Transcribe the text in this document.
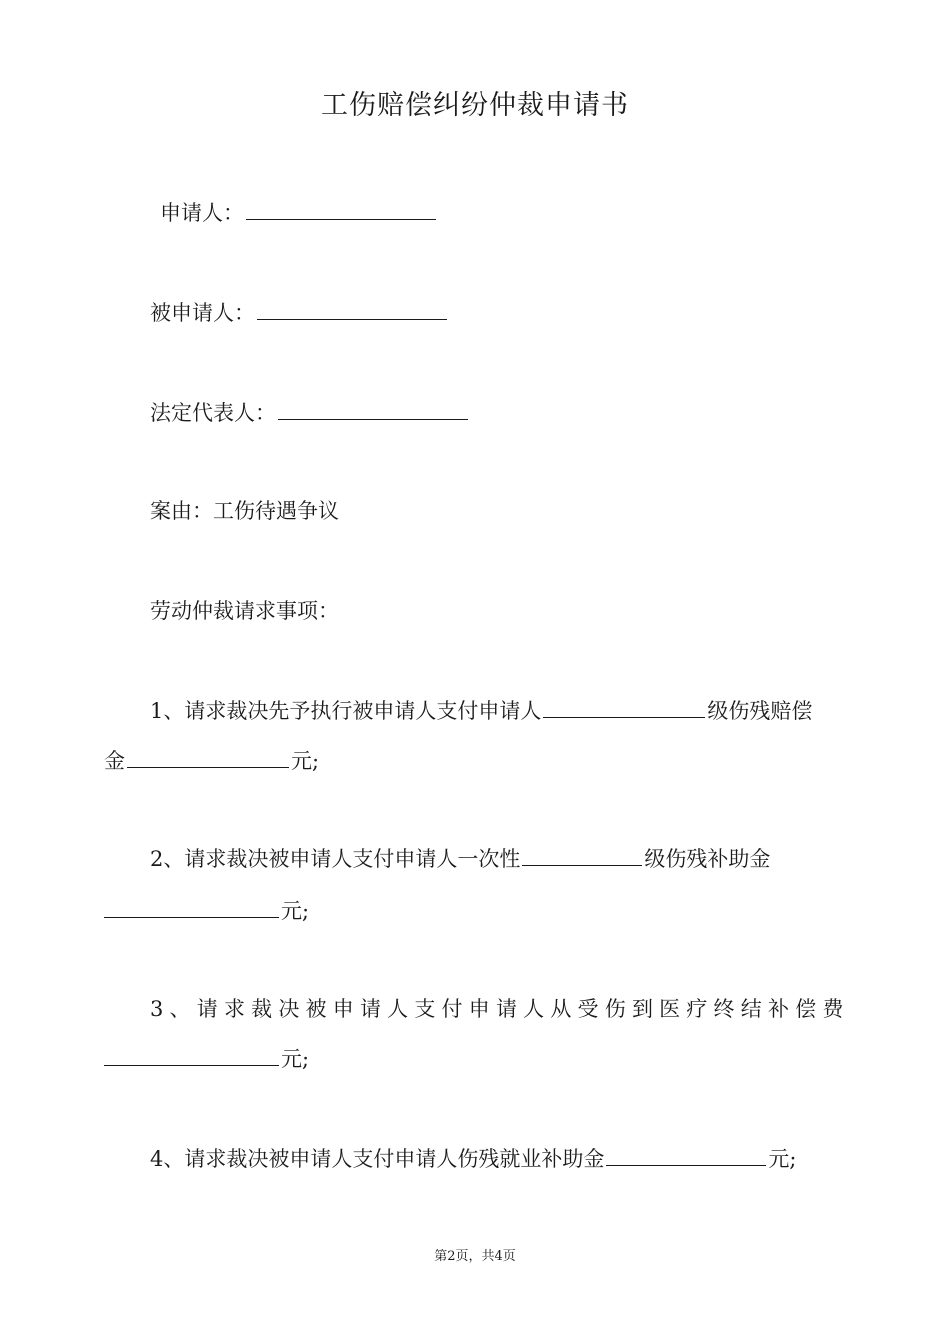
工伤赔偿纠纷仲裁申请书
申请人：
被申请人：
法定代表人：
案由：工伤待遇争议
劳动仲裁请求事项：
1、请求裁决先予执行被申请人支付申请人	级伤残赔偿
金	元;
2、请求裁决被申请人支付申请人一次性	级伤残补助金
元;
3、请求裁决被申请人支付申请人从受伤到医疗终结补偿费
元;
4、请求裁决被申请人支付申请人伤残就业补助金	元;
第2页，共4页
